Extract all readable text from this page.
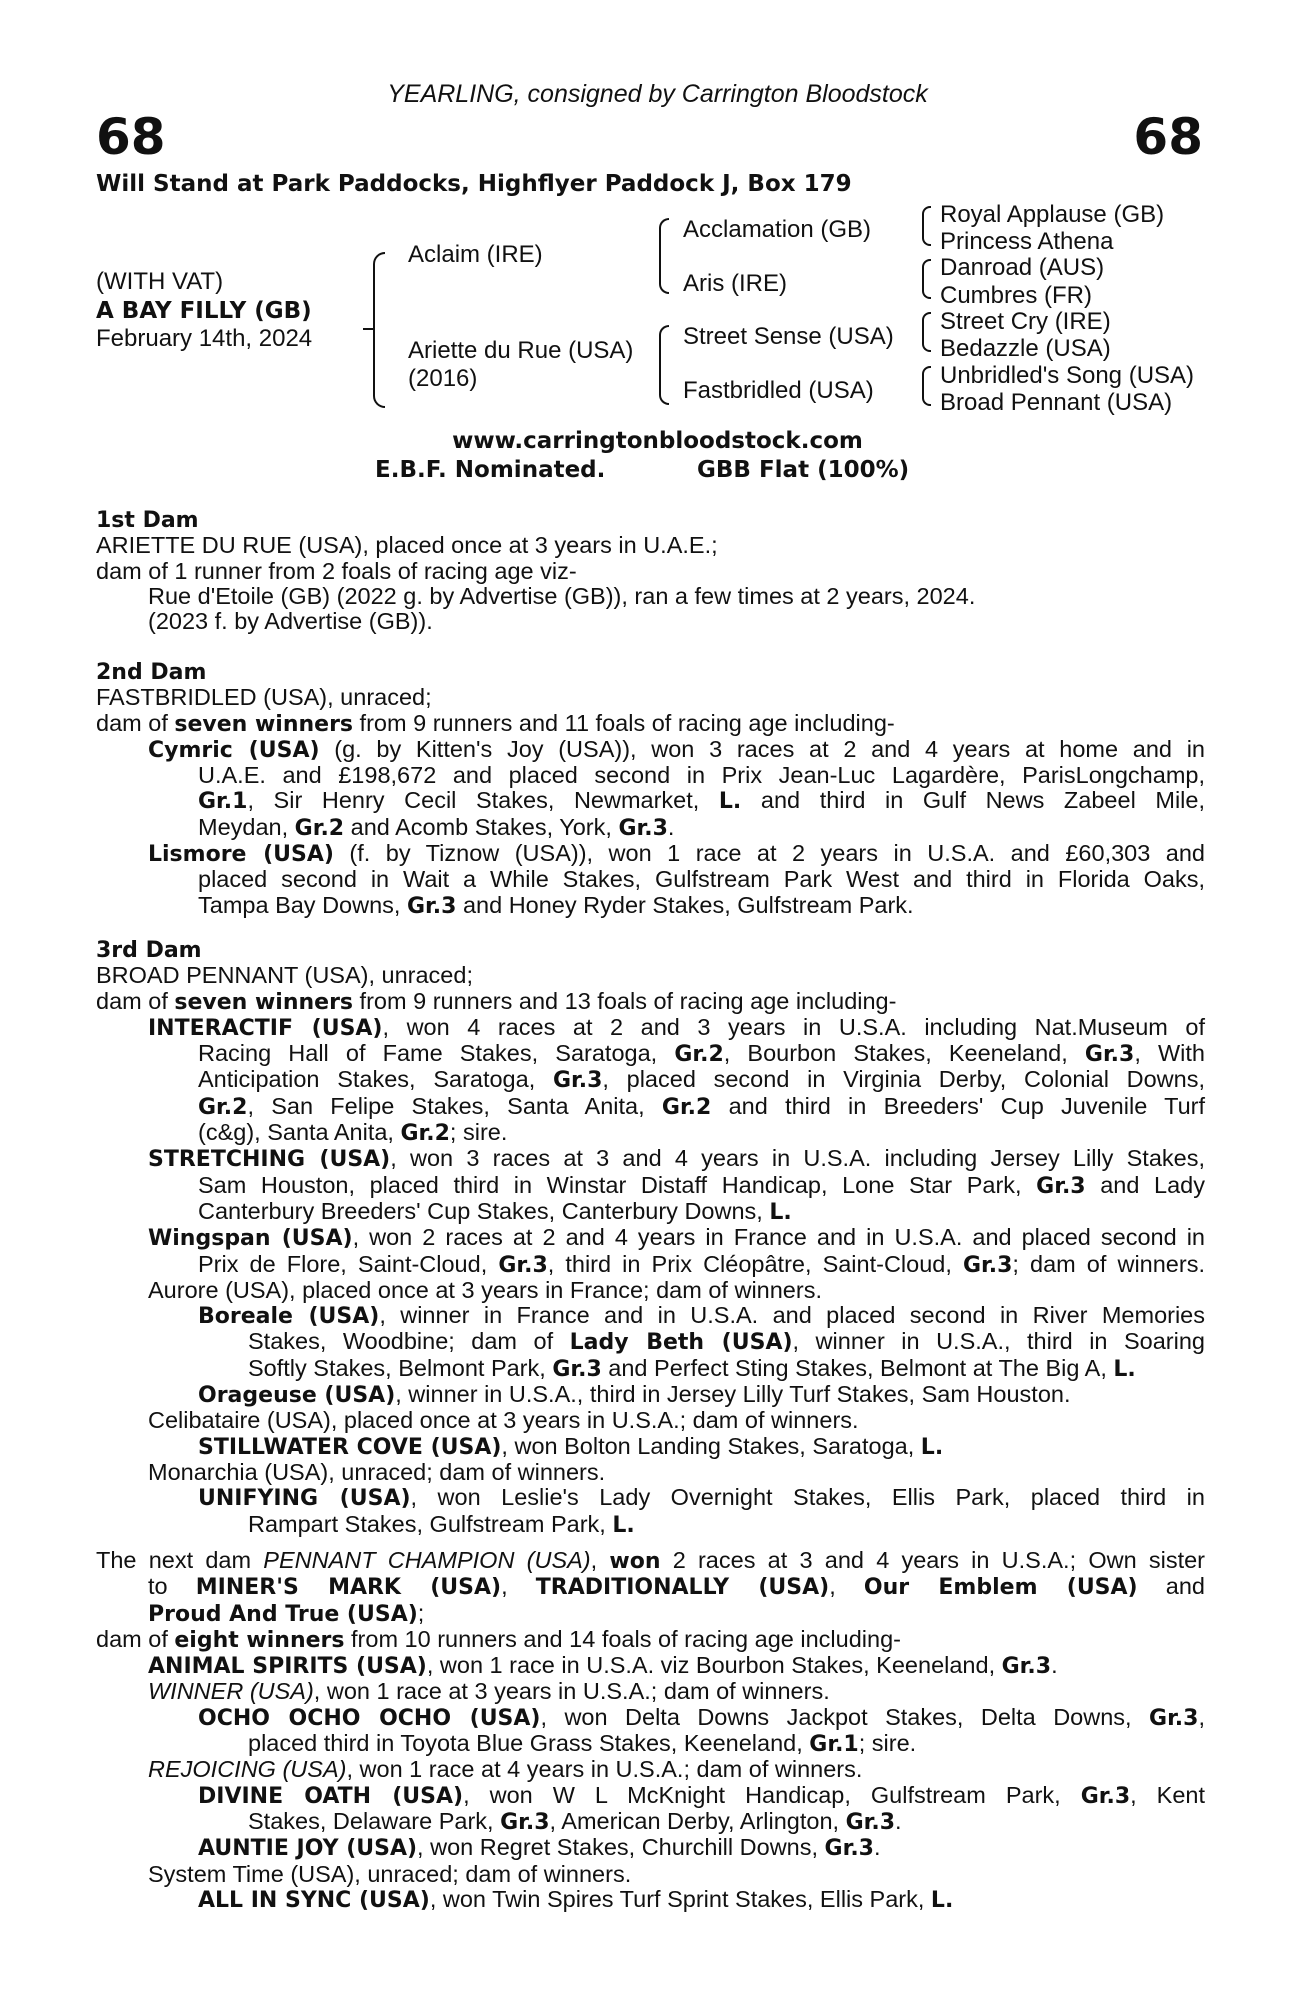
YEARLING, consigned by Carrington Bloodstock
68	68
Will Stand at Park Paddocks, Highflyer Paddock J, Box 179
(WITH VAT)
A BAY FILLY (GB)
February 14th, 2024
Aclaim (IRE)
Ariette du Rue (USA)
(2016)
Acclamation (GB)
Aris (IRE)
Street Sense (USA)
Fastbridled (USA)
Royal Applause (GB)
Princess Athena
Danroad (AUS)
Cumbres (FR)
Street Cry (IRE)
Bedazzle (USA)
Unbridled's Song (USA)
Broad Pennant (USA)
www.carringtonbloodstock.com
E.B.F. Nominated.	GBB Flat (100%)
1st Dam
ARIETTE DU RUE (USA), placed once at 3 years in U.A.E.;
dam of 1 runner from 2 foals of racing age viz-
Rue d'Etoile (GB) (2022 g. by Advertise (GB)), ran a few times at 2 years, 2024.
(2023 f. by Advertise (GB)).
2nd Dam
FASTBRIDLED (USA), unraced;
dam of seven winners from 9 runners and 11 foals of racing age including-
Cymric (USA) (g. by Kitten's Joy (USA)), won 3 races at 2 and 4 years at home and in
U.A.E. and £198,672 and placed second in Prix Jean-Luc Lagardère, ParisLongchamp,
Gr.1, Sir Henry Cecil Stakes, Newmarket, L. and third in Gulf News Zabeel Mile,
Meydan, Gr.2 and Acomb Stakes, York, Gr.3.
Lismore (USA) (f. by Tiznow (USA)), won 1 race at 2 years in U.S.A. and £60,303 and
placed second in Wait a While Stakes, Gulfstream Park West and third in Florida Oaks,
Tampa Bay Downs, Gr.3 and Honey Ryder Stakes, Gulfstream Park.
3rd Dam
BROAD PENNANT (USA), unraced;
dam of seven winners from 9 runners and 13 foals of racing age including-
INTERACTIF (USA), won 4 races at 2 and 3 years in U.S.A. including Nat.Museum of
Racing Hall of Fame Stakes, Saratoga, Gr.2, Bourbon Stakes, Keeneland, Gr.3, With
Anticipation Stakes, Saratoga, Gr.3, placed second in Virginia Derby, Colonial Downs,
Gr.2, San Felipe Stakes, Santa Anita, Gr.2 and third in Breeders' Cup Juvenile Turf
(c&g), Santa Anita, Gr.2; sire.
STRETCHING (USA), won 3 races at 3 and 4 years in U.S.A. including Jersey Lilly Stakes,
Sam Houston, placed third in Winstar Distaff Handicap, Lone Star Park, Gr.3 and Lady
Canterbury Breeders' Cup Stakes, Canterbury Downs, L.
Wingspan (USA), won 2 races at 2 and 4 years in France and in U.S.A. and placed second in
Prix de Flore, Saint-Cloud, Gr.3, third in Prix Cléopâtre, Saint-Cloud, Gr.3; dam of winners.
Aurore (USA), placed once at 3 years in France; dam of winners.
Boreale (USA), winner in France and in U.S.A. and placed second in River Memories
Stakes, Woodbine; dam of Lady Beth (USA), winner in U.S.A., third in Soaring
Softly Stakes, Belmont Park, Gr.3 and Perfect Sting Stakes, Belmont at The Big A, L.
Orageuse (USA), winner in U.S.A., third in Jersey Lilly Turf Stakes, Sam Houston.
Celibataire (USA), placed once at 3 years in U.S.A.; dam of winners.
STILLWATER COVE (USA), won Bolton Landing Stakes, Saratoga, L.
Monarchia (USA), unraced; dam of winners.
UNIFYING (USA), won Leslie's Lady Overnight Stakes, Ellis Park, placed third in
Rampart Stakes, Gulfstream Park, L.
The next dam PENNANT CHAMPION (USA), won 2 races at 3 and 4 years in U.S.A.; Own sister
to MINER'S MARK (USA), TRADITIONALLY (USA), Our Emblem (USA) and
Proud And True (USA);
dam of eight winners from 10 runners and 14 foals of racing age including-
ANIMAL SPIRITS (USA), won 1 race in U.S.A. viz Bourbon Stakes, Keeneland, Gr.3.
WINNER (USA), won 1 race at 3 years in U.S.A.; dam of winners.
OCHO OCHO OCHO (USA), won Delta Downs Jackpot Stakes, Delta Downs, Gr.3,
placed third in Toyota Blue Grass Stakes, Keeneland, Gr.1; sire.
REJOICING (USA), won 1 race at 4 years in U.S.A.; dam of winners.
DIVINE OATH (USA), won W L McKnight Handicap, Gulfstream Park, Gr.3, Kent
Stakes, Delaware Park, Gr.3, American Derby, Arlington, Gr.3.
AUNTIE JOY (USA), won Regret Stakes, Churchill Downs, Gr.3.
System Time (USA), unraced; dam of winners.
ALL IN SYNC (USA), won Twin Spires Turf Sprint Stakes, Ellis Park, L.
